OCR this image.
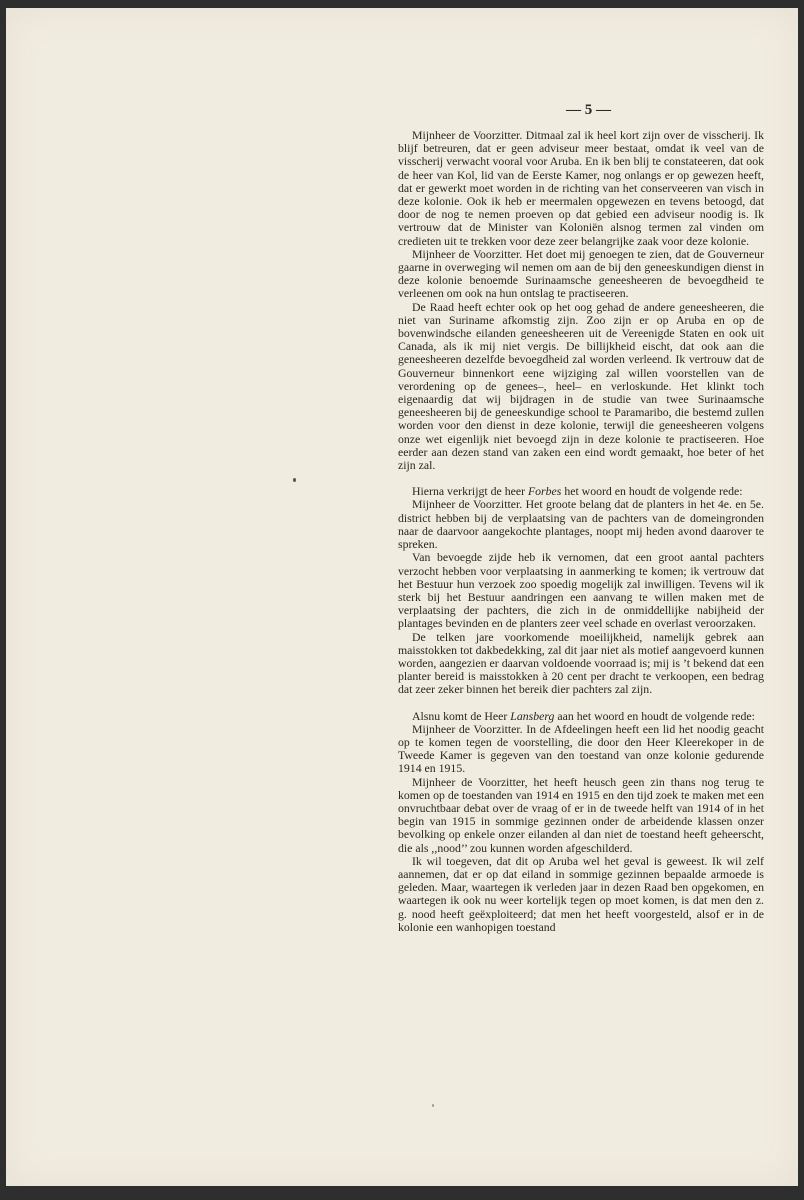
— 5 —

Mijnheer de Voorzitter. Ditmaal zal ik heel kort zijn over de visscherij. Ik blijf betreuren, dat er geen adviseur meer bestaat, omdat ik veel van de visscherij verwacht vooral voor Aruba. En ik ben blij te constateeren, dat ook de heer van Kol, lid van de Eerste Kamer, nog onlangs er op gewezen heeft, dat er gewerkt moet worden in de richting van het conserveeren van visch in deze kolonie. Ook ik heb er meermalen opgewezen en tevens betoogd, dat door de nog te nemen proeven op dat gebied een adviseur noodig is. Ik vertrouw dat de Minister van Koloniën alsnog termen zal vinden om credieten uit te trekken voor deze zeer belangrijke zaak voor deze kolonie.

Mijnheer de Voorzitter. Het doet mij genoegen te zien, dat de Gouverneur gaarne in overweging wil nemen om aan de bij den geneeskundigen dienst in deze kolonie benoemde Surinaamsche geneesheeren de bevoegdheid te verleenen om ook na hun ontslag te practiseeren.

De Raad heeft echter ook op het oog gehad de andere geneesheeren, die niet van Suriname afkomstig zijn. Zoo zijn er op Aruba en op de bovenwindsche eilanden geneesheeren uit de Vereenigde Staten en ook uit Canada, als ik mij niet vergis. De billijkheid eischt, dat ook aan die geneesheeren dezelfde bevoegdheid zal worden verleend. Ik vertrouw dat de Gouverneur binnenkort eene wijziging zal willen voorstellen van de verordening op de genees–, heel– en verloskunde. Het klinkt toch eigenaardig dat wij bijdragen in de studie van twee Surinaamsche geneesheeren bij de geneeskundige school te Paramaribo, die bestemd zullen worden voor den dienst in deze kolonie, terwijl die geneesheeren volgens onze wet eigenlijk niet bevoegd zijn in deze kolonie te practiseeren. Hoe eerder aan dezen stand van zaken een eind wordt gemaakt, hoe beter of het zijn zal.

Hierna verkrijgt de heer Forbes het woord en houdt de volgende rede:

Mijnheer de Voorzitter. Het groote belang dat de planters in het 4e. en 5e. district hebben bij de verplaatsing van de pachters van de domeingronden naar de daarvoor aangekochte plantages, noopt mij heden avond daarover te spreken.

Van bevoegde zijde heb ik vernomen, dat een groot aantal pachters verzocht hebben voor verplaatsing in aanmerking te komen; ik vertrouw dat het Bestuur hun verzoek zoo spoedig mogelijk zal inwilligen. Tevens wil ik sterk bij het Bestuur aandringen een aanvang te willen maken met de verplaatsing der pachters, die zich in de onmiddellijke nabijheid der plantages bevinden en de planters zeer veel schade en overlast veroorzaken.

De telken jare voorkomende moeilijkheid, namelijk gebrek aan maisstokken tot dakbedekking, zal dit jaar niet als motief aangevoerd kunnen worden, aangezien er daarvan voldoende voorraad is; mij is ’t bekend dat een planter bereid is maisstokken à 20 cent per dracht te verkoopen, een bedrag dat zeer zeker binnen het bereik dier pachters zal zijn.

Alsnu komt de Heer Lansberg aan het woord en houdt de volgende rede:

Mijnheer de Voorzitter. In de Afdeelingen heeft een lid het noodig geacht op te komen tegen de voorstelling, die door den Heer Kleerekoper in de Tweede Kamer is gegeven van den toestand van onze kolonie gedurende 1914 en 1915.

Mijnheer de Voorzitter, het heeft heusch geen zin thans nog terug te komen op de toestanden van 1914 en 1915 en den tijd zoek te maken met een onvruchtbaar debat over de vraag of er in de tweede helft van 1914 of in het begin van 1915 in sommige gezinnen onder de arbeidende klassen onzer bevolking op enkele onzer eilanden al dan niet de toestand heeft geheerscht, die als ,,nood’’ zou kunnen worden afgeschilderd.

Ik wil toegeven, dat dit op Aruba wel het geval is geweest. Ik wil zelf aannemen, dat er op dat eiland in sommige gezinnen bepaalde armoede is geleden. Maar, waartegen ik verleden jaar in dezen Raad ben opgekomen, en waartegen ik ook nu weer kortelijk tegen op moet komen, is dat men den z. g. nood heeft geëxploiteerd; dat men het heeft voorgesteld, alsof er in de kolonie een wanhopigen toestand
